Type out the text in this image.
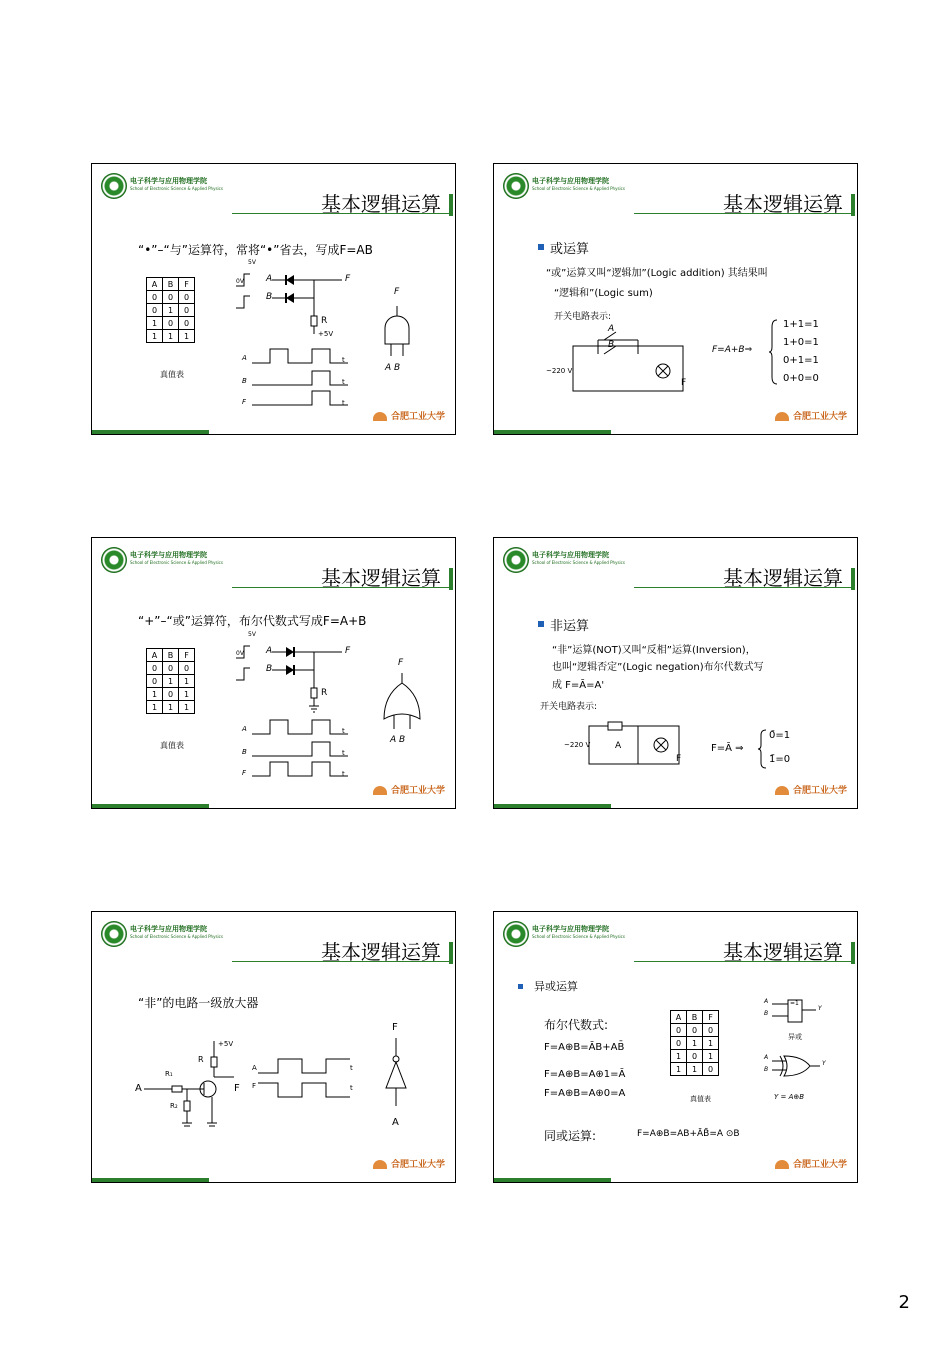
电子科学与应用物理学院
School of Electronic Science & Applied Physics
基本逻辑运算
“•”–“与”运算符，常将“•”省去，写成F=AB
A	B	F
0	0	0
0	1	0
1	0	0
1	1	1
真值表
5V
0V A
B
F
R
+5V
A
B
F
t
t
t
F
A B
合肥工业大学
电子科学与应用物理学院
School of Electronic Science & Applied Physics
基本逻辑运算
或运算
“或”运算又叫“逻辑加”(Logic addition) 其结果叫
“逻辑和”(Logic sum)
开关电路表示:
~220 V
A
B
F
F=A+B⇒
1+1=1
1+0=1
0+1=1
0+0=0
合肥工业大学
电子科学与应用物理学院
School of Electronic Science & Applied Physics
基本逻辑运算
“+”–“或”运算符，布尔代数式写成F=A+B
A	B	F
0	0	0
0	1	1
1	0	1
1	1	1
真值表
5V
0V A
B
F
R
A
B
F
t
t
t
F
A B
合肥工业大学
电子科学与应用物理学院
School of Electronic Science & Applied Physics
基本逻辑运算
非运算
“非”运算(NOT)又叫“反相”运算(Inversion)，
也叫“逻辑否定”(Logic negation)布尔代数式写
成 F=Ā=A'
开关电路表示:
~220 V	A
F
F=Ā ⇒
0̄=1
1̄=0
合肥工业大学
电子科学与应用物理学院
School of Electronic Science & Applied Physics
基本逻辑运算
“非”的电路一级放大器
+5V
R
R₁
R₂
A	F
A
F
t
t
F
A
合肥工业大学
电子科学与应用物理学院
School of Electronic Science & Applied Physics
基本逻辑运算
异或运算
布尔代数式:
F=A⊕B=ĀB+AB̄
F=A⊕B=A⊕1=Ā
F=A⊕B=A⊕0=A
A	B	F
0	0	0
0	1	1
1	0	1
1	1	0
真值表
=1
A
B
Y
异或
A
B
Y
Y = A⊕B
同或运算:	F=A⊕B=AB+ĀB̄=A ⊙B
合肥工业大学
2
